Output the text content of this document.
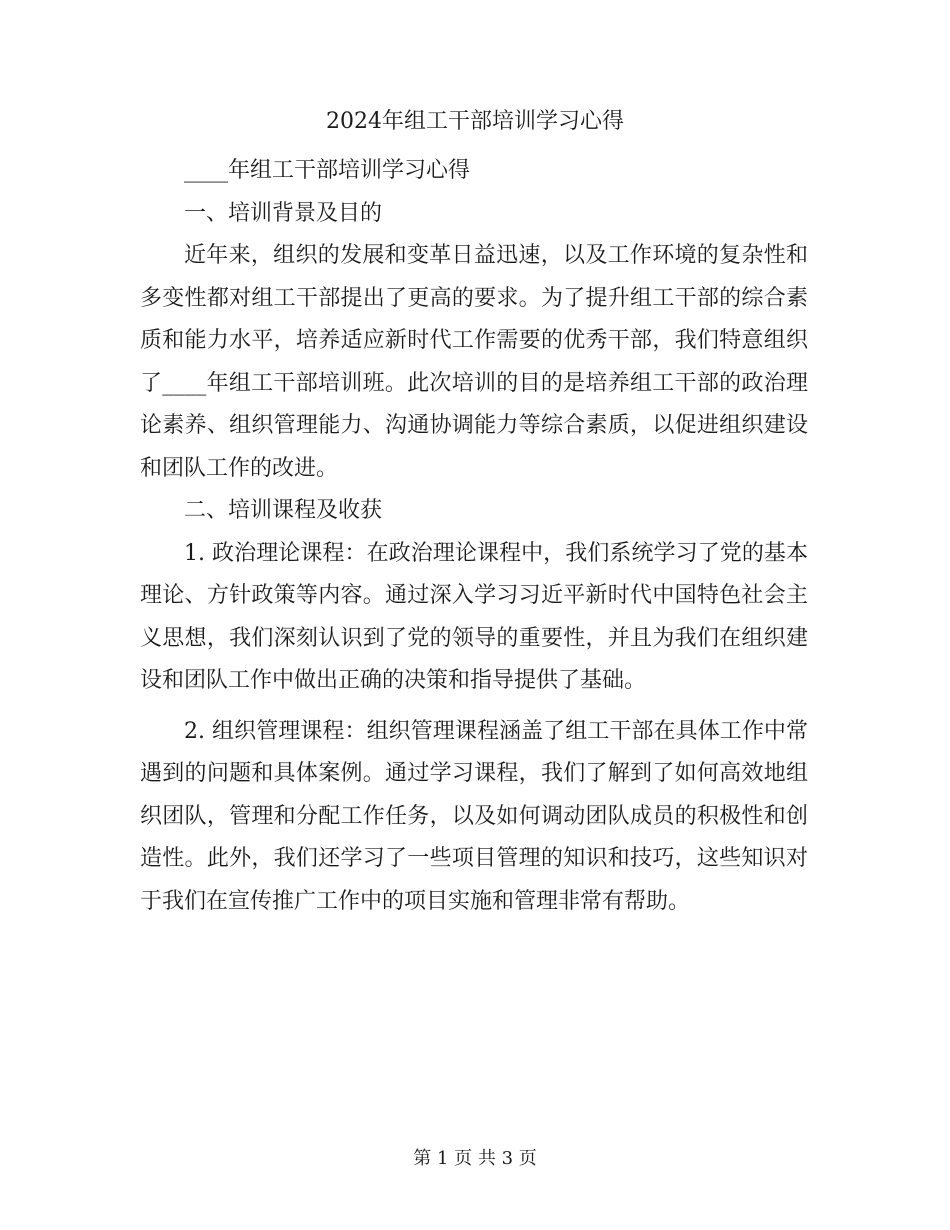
2024年组工干部培训学习心得

____年组工干部培训学习心得

一、培训背景及目的

近年来，组织的发展和变革日益迅速，以及工作环境的复杂性和多变性都对组工干部提出了更高的要求。为了提升组工干部的综合素质和能力水平，培养适应新时代工作需要的优秀干部，我们特意组织了____年组工干部培训班。此次培训的目的是培养组工干部的政治理论素养、组织管理能力、沟通协调能力等综合素质，以促进组织建设和团队工作的改进。

二、培训课程及收获

1. 政治理论课程：在政治理论课程中，我们系统学习了党的基本理论、方针政策等内容。通过深入学习习近平新时代中国特色社会主义思想，我们深刻认识到了党的领导的重要性，并且为我们在组织建设和团队工作中做出正确的决策和指导提供了基础。

2. 组织管理课程：组织管理课程涵盖了组工干部在具体工作中常遇到的问题和具体案例。通过学习课程，我们了解到了如何高效地组织团队，管理和分配工作任务，以及如何调动团队成员的积极性和创造性。此外，我们还学习了一些项目管理的知识和技巧，这些知识对于我们在宣传推广工作中的项目实施和管理非常有帮助。

第 1 页 共 3 页
